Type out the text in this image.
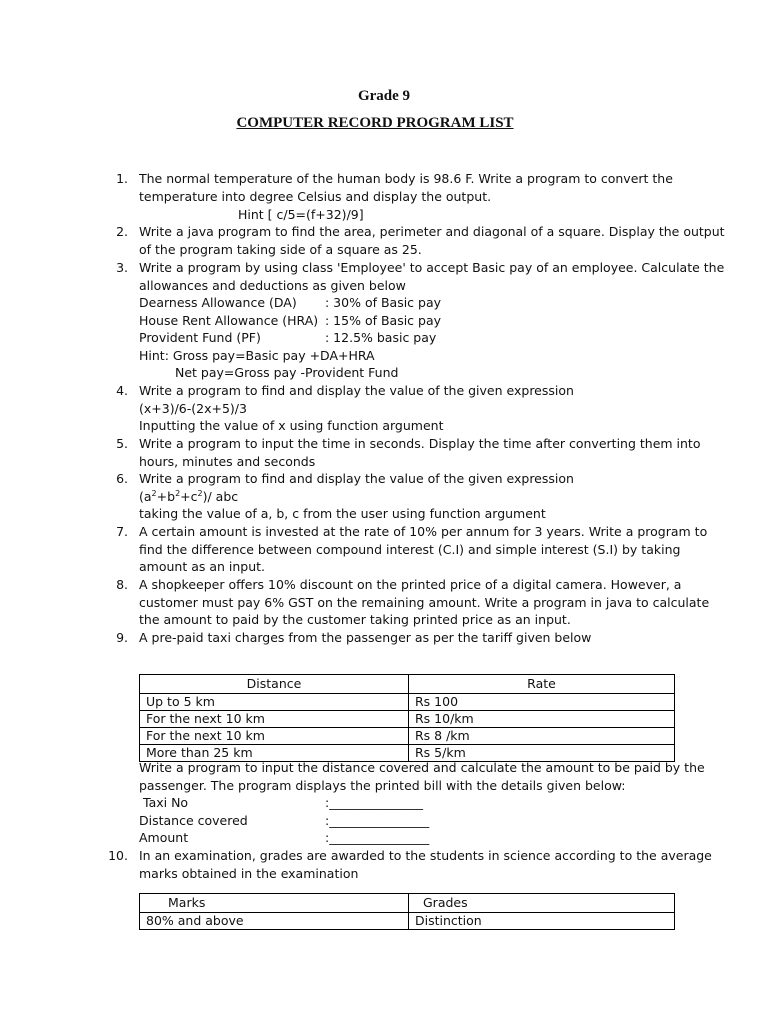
Grade 9
COMPUTER RECORD PROGRAM LIST
1. The normal temperature of the human body is 98.6 F. Write a program to convert the
temperature into degree Celsius and display the output.
Hint [ c/5=(f+32)/9]
2. Write a java program to find the area, perimeter and diagonal of a square. Display the output
of the program taking side of a square as 25.
3. Write a program by using class 'Employee' to accept Basic pay of an employee. Calculate the
allowances and deductions as given below
Dearness Allowance (DA) : 30% of Basic pay
House Rent Allowance (HRA) : 15% of Basic pay
Provident Fund (PF)	: 12.5% basic pay
Hint: Gross pay=Basic pay +DA+HRA
Net pay=Gross pay -Provident Fund
4. Write a program to find and display the value of the given expression
(x+3)/6-(2x+5)/3
Inputting the value of x using function argument
5. Write a program to input the time in seconds. Display the time after converting them into
hours, minutes and seconds
6. Write a program to find and display the value of the given expression
$(a^2+b^2+c^2)/$ abc
taking the value of a, b, c from the user using function argument
7. A certain amount is invested at the rate of 10% per annum for 3 years. Write a program to
find the difference between compound interest (C.I) and simple interest (S.I) by taking
amount as an input.
8. A shopkeeper offers 10% discount on the printed price of a digital camera. However, a
customer must pay 6% GST on the remaining amount. Write a program in java to calculate
the amount to paid by the customer taking printed price as an input.
9. A pre-paid taxi charges from the passenger as per the tariff given below
Distance	Rate
Up to 5 km	Rs 100
For the next 10 km	Rs 10/km
For the next 10 km	Rs 8 /km
More than 25 km	Rs 5/km
Write a program to input the distance covered and calculate the amount to be paid by the
passenger. The program displays the printed bill with the details given below:
Taxi No	:_______________
Distance covered	:________________
Amount	:________________
10. In an examination, grades are awarded to the students in science according to the average
marks obtained in the examination
Marks	Grades
80% and above	Distinction
